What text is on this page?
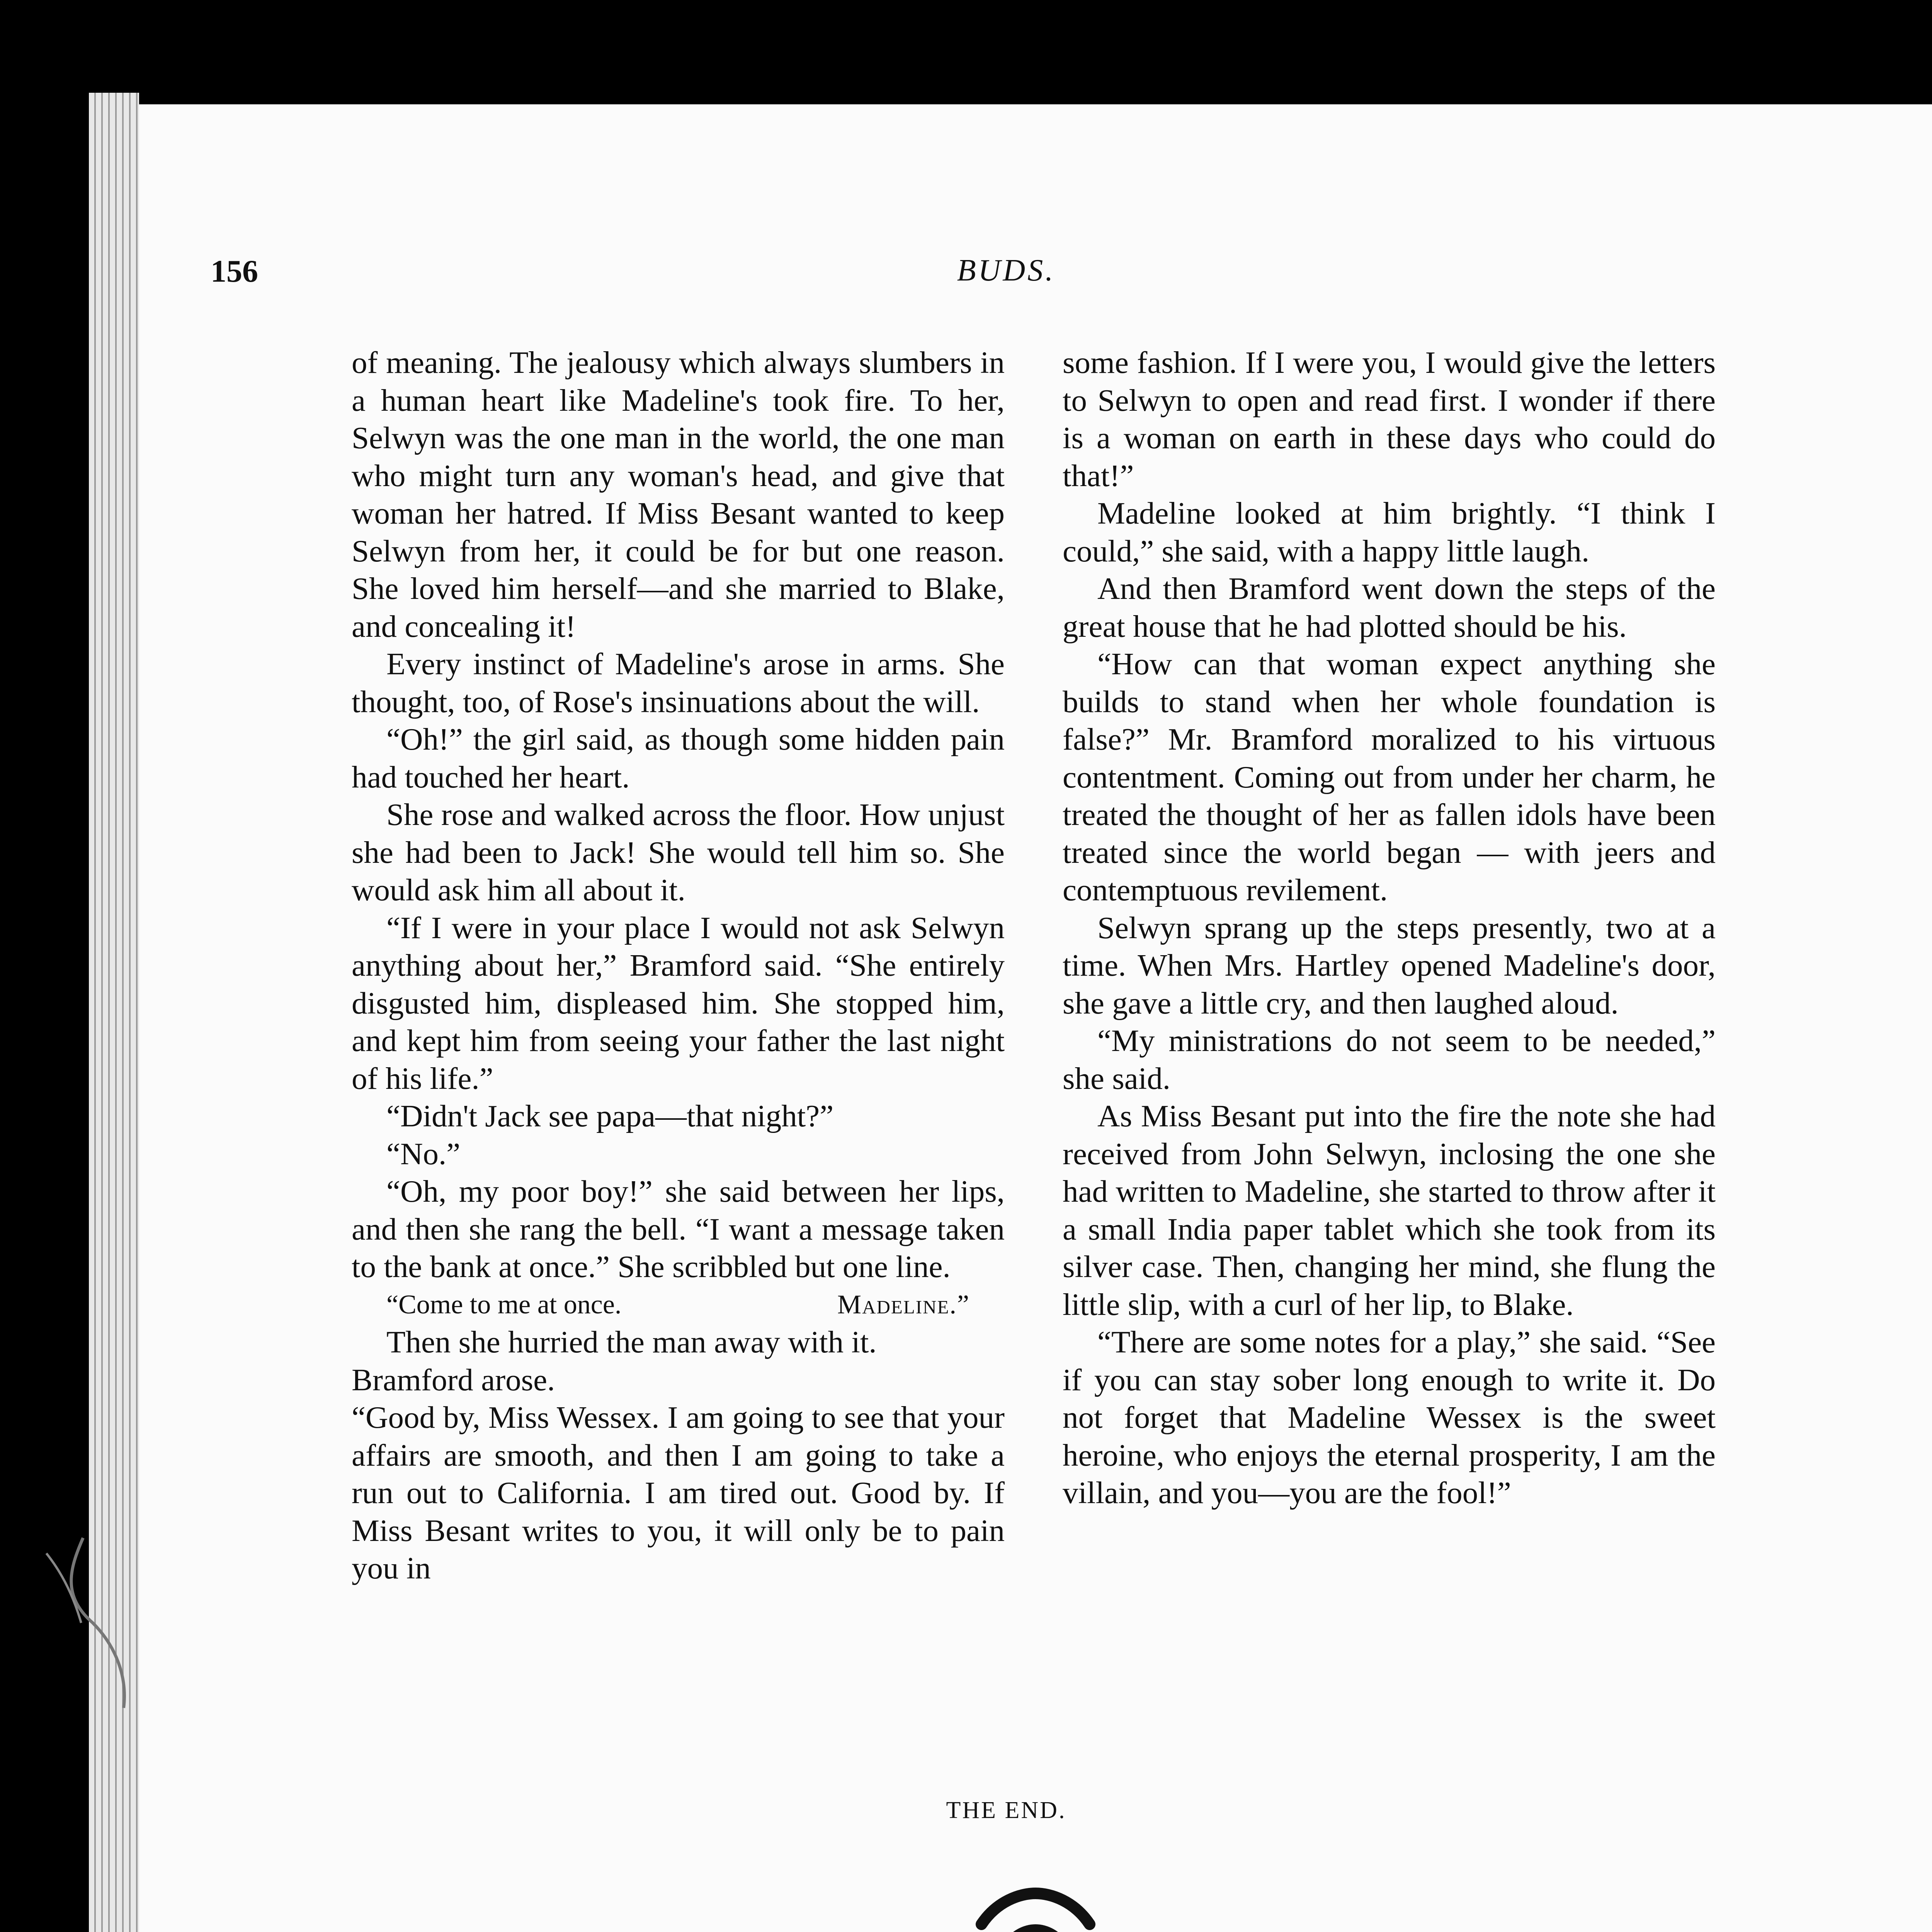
156	BUDS.

of meaning. The jealousy which always slumbers in a human heart like Madeline's took fire. To her, Selwyn was the one man in the world, the one man who might turn any woman's head, and give that woman her hatred. If Miss Besant wanted to keep Selwyn from her, it could be for but one reason. She loved him herself—and she married to Blake, and concealing it!

Every instinct of Madeline's arose in arms. She thought, too, of Rose's insinuations about the will.

“Oh!” the girl said, as though some hidden pain had touched her heart.

She rose and walked across the floor. How unjust she had been to Jack! She would tell him so. She would ask him all about it.

“If I were in your place I would not ask Selwyn anything about her,” Bramford said. “She entirely disgusted him, displeased him. She stopped him, and kept him from seeing your father the last night of his life.”

“Didn't Jack see papa—that night?”

“No.”

“Oh, my poor boy!” she said between her lips, and then she rang the bell. “I want a message taken to the bank at once.” She scribbled but one line.

“Come to me at once.	Madeline.”

Then she hurried the man away with it.

Bramford arose.

“Good by, Miss Wessex. I am going to see that your affairs are smooth, and then I am going to take a run out to California. I am tired out. Good by. If Miss Besant writes to you, it will only be to pain you in

some fashion. If I were you, I would give the letters to Selwyn to open and read first. I wonder if there is a woman on earth in these days who could do that!”

Madeline looked at him brightly. “I think I could,” she said, with a happy little laugh.

And then Bramford went down the steps of the great house that he had plotted should be his.

“How can that woman expect anything she builds to stand when her whole foundation is false?” Mr. Bramford moralized to his virtuous contentment. Coming out from under her charm, he treated the thought of her as fallen idols have been treated since the world began — with jeers and contemptuous revilement.

Selwyn sprang up the steps presently, two at a time. When Mrs. Hartley opened Madeline's door, she gave a little cry, and then laughed aloud.

“My ministrations do not seem to be needed,” she said.

As Miss Besant put into the fire the note she had received from John Selwyn, inclosing the one she had written to Madeline, she started to throw after it a small India paper tablet which she took from its silver case. Then, changing her mind, she flung the little slip, with a curl of her lip, to Blake.

“There are some notes for a play,” she said. “See if you can stay sober long enough to write it. Do not forget that Madeline Wessex is the sweet heroine, who enjoys the eternal prosperity, I am the villain, and you—you are the fool!”

THE END.
